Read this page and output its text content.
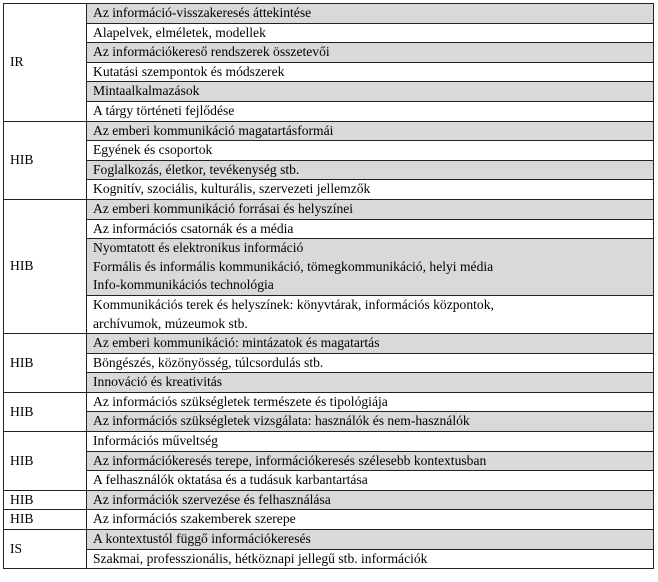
IR	Az információ-visszakeresés áttekintése
	Alapelvek, elméletek, modellek
	Az információkereső rendszerek összetevői
	Kutatási szempontok és módszerek
	Mintaalkalmazások
	A tárgy történeti fejlődése
HIB	Az emberi kommunikáció magatartásformái
	Egyének és csoportok
	Foglalkozás, életkor, tevékenység stb.
	Kognitív, szociális, kulturális, szervezeti jellemzők
HIB	Az emberi kommunikáció forrásai és helyszínei
	Az információs csatornák és a média
	Nyomtatott és elektronikus információ
Formális és informális kommunikáció, tömegkommunikáció, helyi média
Info-kommunikációs technológia
	Kommunikációs terek és helyszínek: könyvtárak, információs központok,
archívumok, múzeumok stb.
HIB	Az emberi kommunikáció: mintázatok és magatartás
	Böngészés, közönyösség, túlcsordulás stb.
	Innováció és kreativitás
HIB	Az információs szükségletek természete és tipológiája
	Az információs szükségletek vizsgálata: használók és nem-használók
HIB	Információs műveltség
	Az információkeresés terepe, információkeresés szélesebb kontextusban
	A felhasználók oktatása és a tudásuk karbantartása
HIB	Az információk szervezése és felhasználása
HIB	Az információs szakemberek szerepe
IS	A kontextustól függő információkeresés
	Szakmai, professzionális, hétköznapi jellegű stb. információk
